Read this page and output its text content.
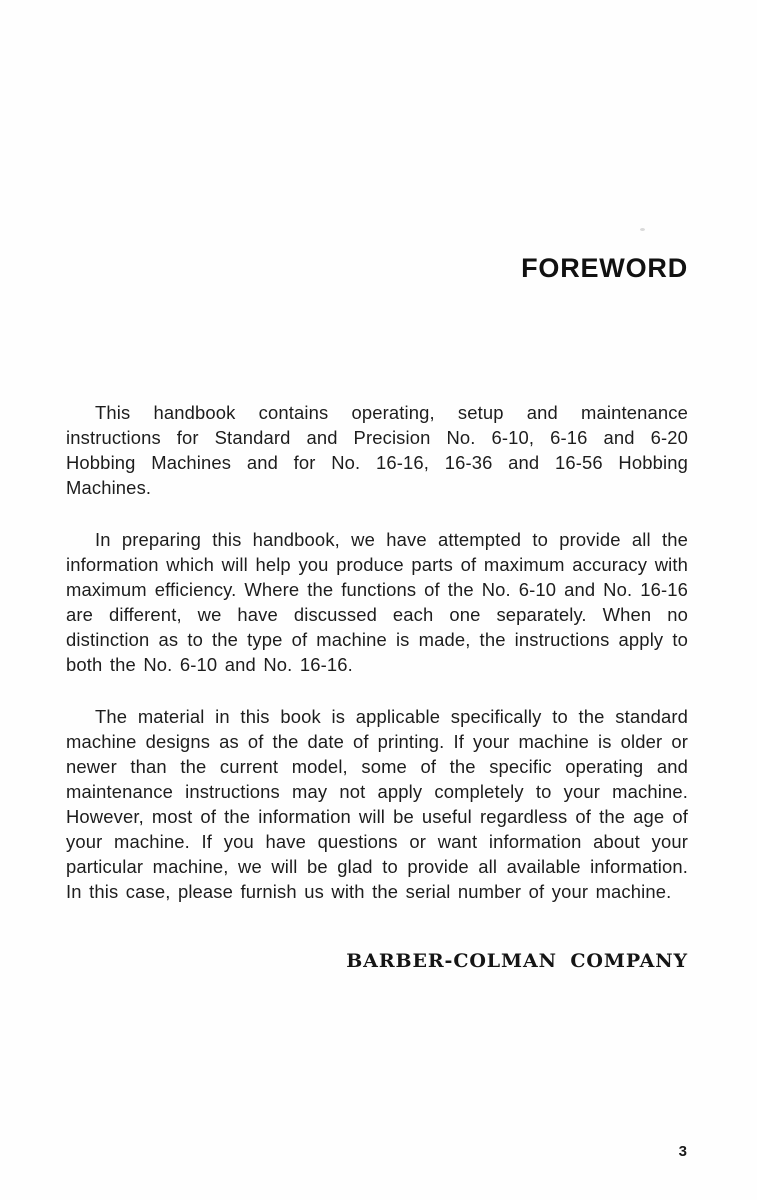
FOREWORD

This handbook contains operating, setup and maintenance instructions for Standard and Precision No. 6-10, 6-16 and 6-20 Hobbing Machines and for No. 16-16, 16-36 and 16-56 Hobbing Machines.

In preparing this handbook, we have attempted to provide all the information which will help you produce parts of maximum accuracy with maximum efficiency. Where the functions of the No. 6-10 and No. 16-16 are different, we have discussed each one separately. When no distinction as to the type of machine is made, the instructions apply to both the No. 6-10 and No. 16-16.

The material in this book is applicable specifically to the standard machine designs as of the date of printing. If your machine is older or newer than the current model, some of the specific operating and maintenance instructions may not apply completely to your machine. However, most of the information will be useful regardless of the age of your machine. If you have questions or want information about your particular machine, we will be glad to provide all available information. In this case, please furnish us with the serial number of your machine.

BARBER-COLMAN COMPANY
3
